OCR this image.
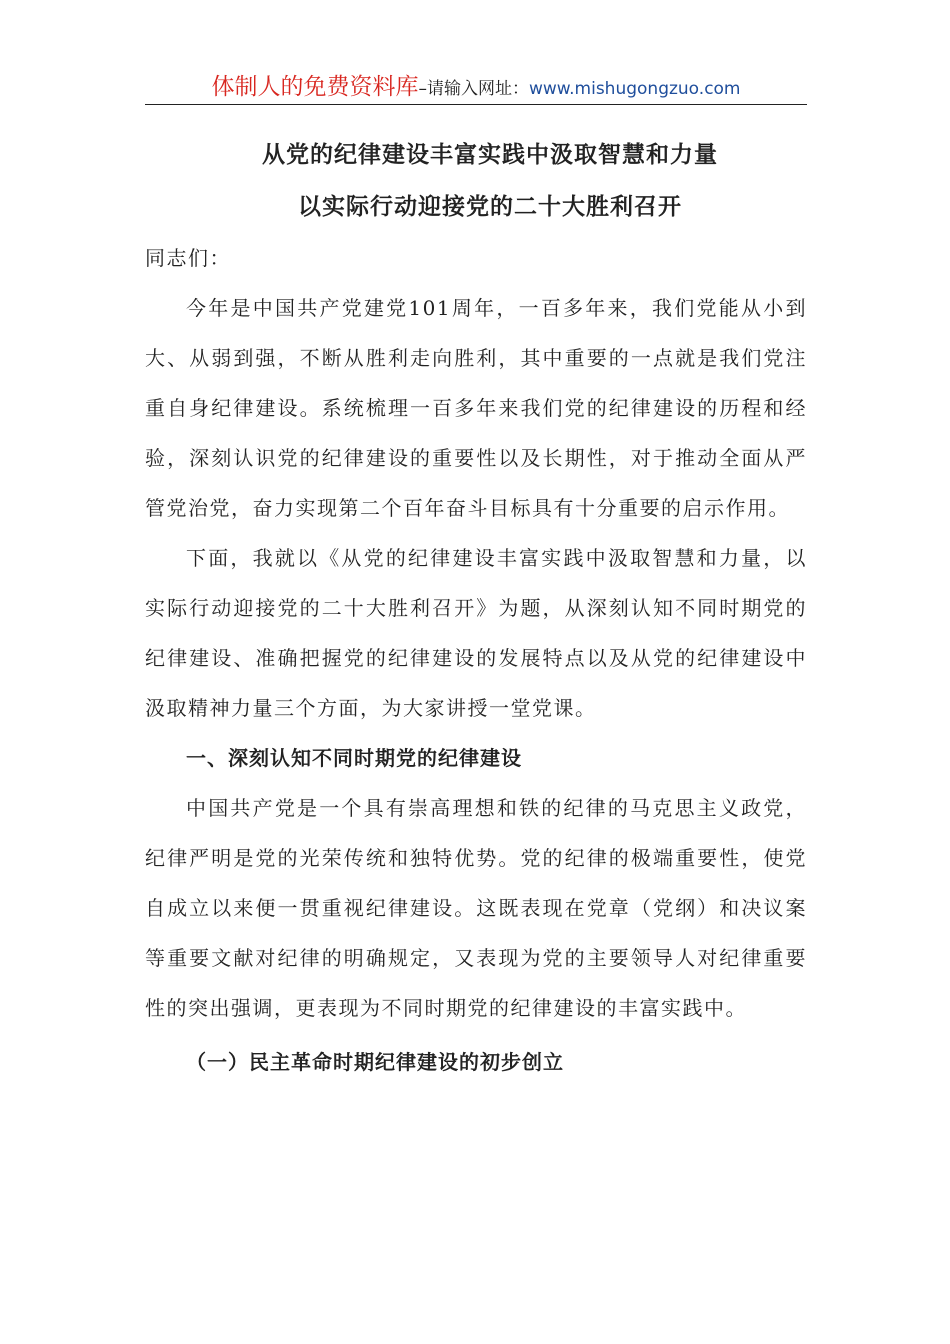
体制人的免费资料库–请输入网址：www.mishugongzuo.com
从党的纪律建设丰富实践中汲取智慧和力量
以实际行动迎接党的二十大胜利召开

同志们：

今年是中国共产党建党101周年，一百多年来，我们党能从小到大、从弱到强，不断从胜利走向胜利，其中重要的一点就是我们党注重自身纪律建设。系统梳理一百多年来我们党的纪律建设的历程和经验，深刻认识党的纪律建设的重要性以及长期性，对于推动全面从严管党治党，奋力实现第二个百年奋斗目标具有十分重要的启示作用。

下面，我就以《从党的纪律建设丰富实践中汲取智慧和力量，以实际行动迎接党的二十大胜利召开》为题，从深刻认知不同时期党的纪律建设、准确把握党的纪律建设的发展特点以及从党的纪律建设中汲取精神力量三个方面，为大家讲授一堂党课。

一、深刻认知不同时期党的纪律建设

中国共产党是一个具有崇高理想和铁的纪律的马克思主义政党，纪律严明是党的光荣传统和独特优势。党的纪律的极端重要性，使党自成立以来便一贯重视纪律建设。这既表现在党章（党纲）和决议案等重要文献对纪律的明确规定，又表现为党的主要领导人对纪律重要性的突出强调，更表现为不同时期党的纪律建设的丰富实践中。

（一）民主革命时期纪律建设的初步创立
